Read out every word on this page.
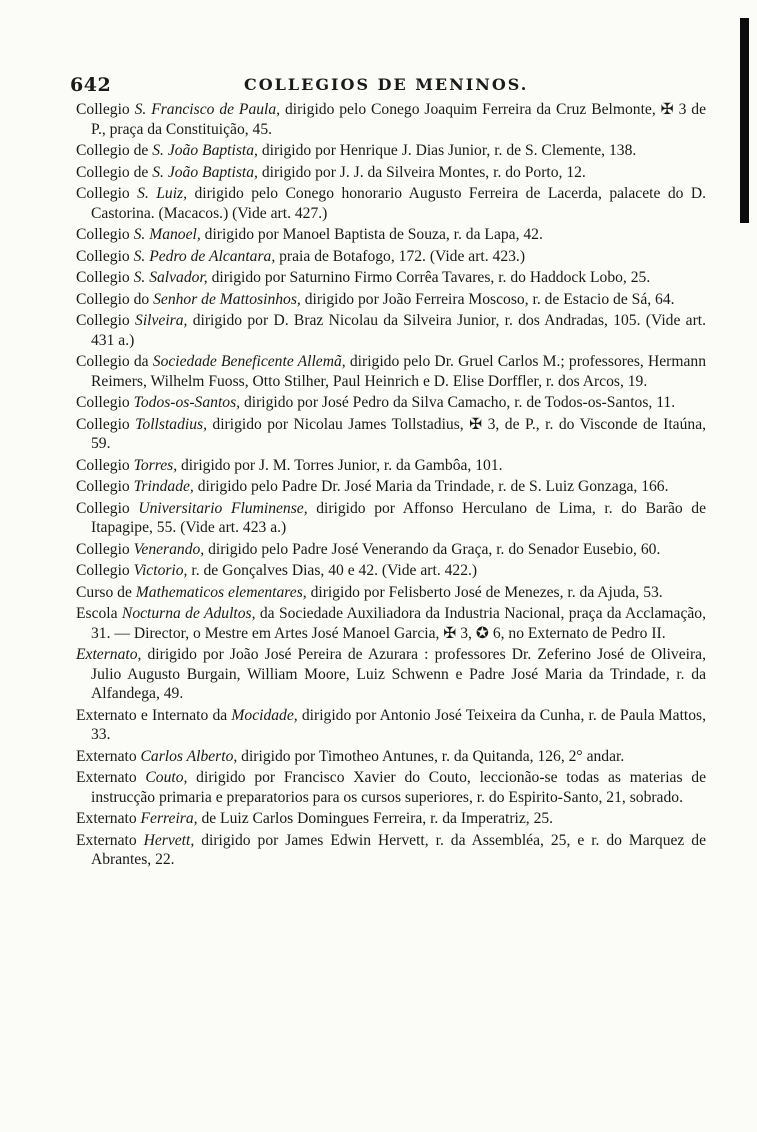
642	COLLEGIOS DE MENINOS.

Collegio S. Francisco de Paula, dirigido pelo Conego Joaquim Ferreira da Cruz Belmonte, ✠ 3 de P., praça da Constituição, 45.

Collegio de S. João Baptista, dirigido por Henrique J. Dias Junior, r. de S. Clemente, 138.

Collegio de S. João Baptista, dirigido por J. J. da Silveira Montes, r. do Porto, 12.

Collegio S. Luiz, dirigido pelo Conego honorario Augusto Ferreira de Lacerda, palacete do D. Castorina. (Macacos.) (Vide art. 427.)

Collegio S. Manoel, dirigido por Manoel Baptista de Souza, r. da Lapa, 42.

Collegio S. Pedro de Alcantara, praia de Botafogo, 172. (Vide art. 423.)

Collegio S. Salvador, dirigido por Saturnino Firmo Corrêa Tavares, r. do Haddock Lobo, 25.

Collegio do Senhor de Mattosinhos, dirigido por João Ferreira Moscoso, r. de Estacio de Sá, 64.

Collegio Silveira, dirigido por D. Braz Nicolau da Silveira Junior, r. dos Andradas, 105. (Vide art. 431 a.)

Collegio da Sociedade Beneficente Allemã, dirigido pelo Dr. Gruel Carlos M.; professores, Hermann Reimers, Wilhelm Fuoss, Otto Stilher, Paul Heinrich e D. Elise Dorffler, r. dos Arcos, 19.

Collegio Todos-os-Santos, dirigido por José Pedro da Silva Camacho, r. de Todos-os-Santos, 11.

Collegio Tollstadius, dirigido por Nicolau James Tollstadius, ✠ 3, de P., r. do Visconde de Itaúna, 59.

Collegio Torres, dirigido por J. M. Torres Junior, r. da Gambôa, 101.

Collegio Trindade, dirigido pelo Padre Dr. José Maria da Trindade, r. de S. Luiz Gonzaga, 166.

Collegio Universitario Fluminense, dirigido por Affonso Herculano de Lima, r. do Barão de Itapagipe, 55. (Vide art. 423 a.)

Collegio Venerando, dirigido pelo Padre José Venerando da Graça, r. do Senador Eusebio, 60.

Collegio Victorio, r. de Gonçalves Dias, 40 e 42. (Vide art. 422.)

Curso de Mathematicos elementares, dirigido por Felisberto José de Menezes, r. da Ajuda, 53.

Escola Nocturna de Adultos, da Sociedade Auxiliadora da Industria Nacional, praça da Acclamação, 31. — Director, o Mestre em Artes José Manoel Garcia, ✠ 3, ✪ 6, no Externato de Pedro II.

Externato, dirigido por João José Pereira de Azurara : professores Dr. Zeferino José de Oliveira, Julio Augusto Burgain, William Moore, Luiz Schwenn e Padre José Maria da Trindade, r. da Alfandega, 49.

Externato e Internato da Mocidade, dirigido por Antonio José Teixeira da Cunha, r. de Paula Mattos, 33.

Externato Carlos Alberto, dirigido por Timotheo Antunes, r. da Quitanda, 126, 2° andar.

Externato Couto, dirigido por Francisco Xavier do Couto, leccionão-se todas as materias de instrucção primaria e preparatorios para os cursos superiores, r. do Espirito-Santo, 21, sobrado.

Externato Ferreira, de Luiz Carlos Domingues Ferreira, r. da Imperatriz, 25.

Externato Hervett, dirigido por James Edwin Hervett, r. da Assembléa, 25, e r. do Marquez de Abrantes, 22.
